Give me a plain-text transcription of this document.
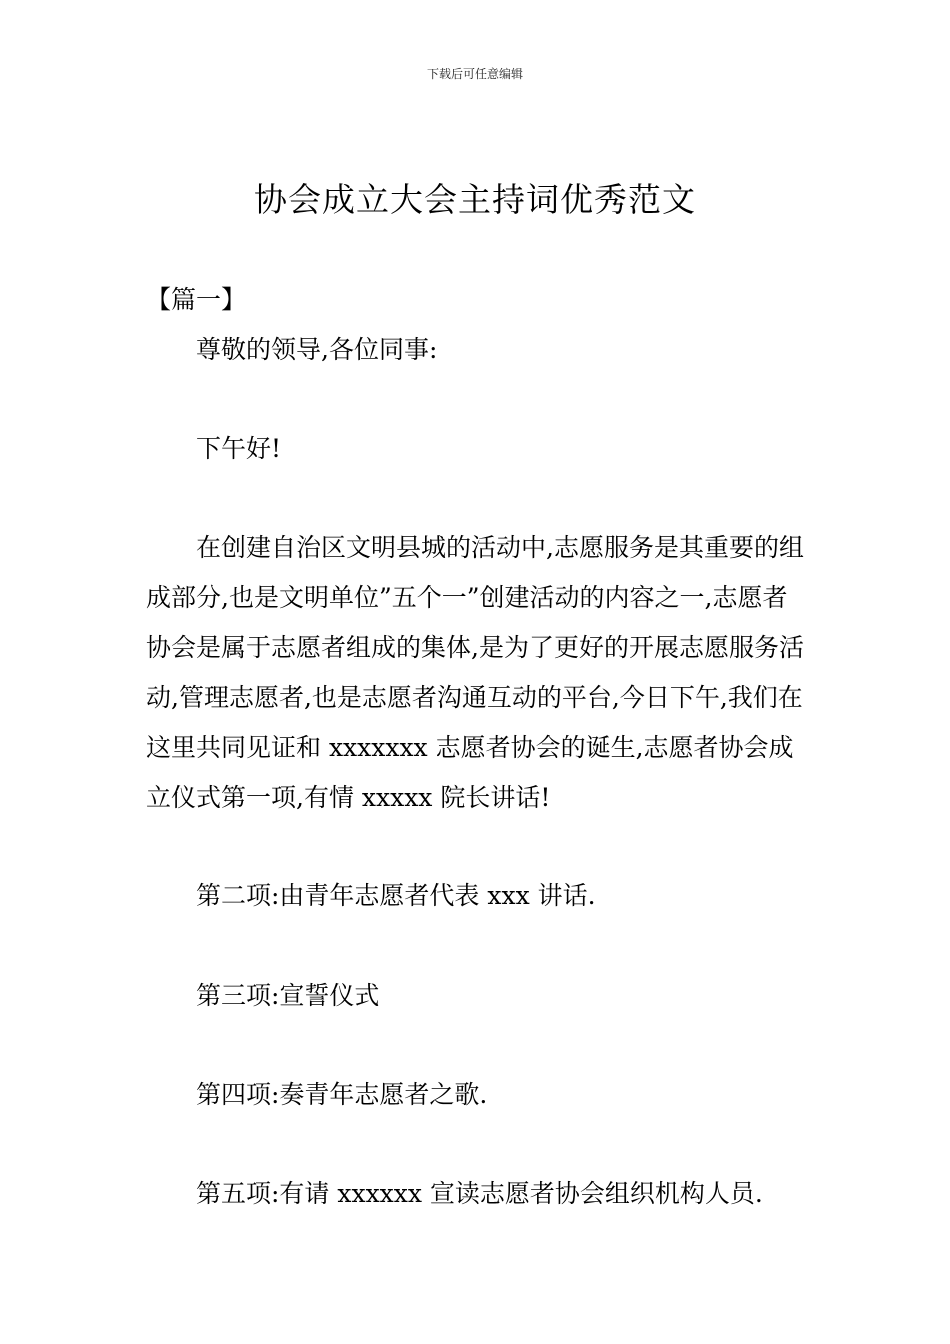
下载后可任意编辑
协会成立大会主持词优秀范文
【篇一】

尊敬的领导,各位同事:

下午好!

在创建自治区文明县城的活动中,志愿服务是其重要的组成部分,也是文明单位”五个一”创建活动的内容之一,志愿者协会是属于志愿者组成的集体,是为了更好的开展志愿服务活动,管理志愿者,也是志愿者沟通互动的平台,今日下午,我们在这里共同见证和 xxxxxxx 志愿者协会的诞生,志愿者协会成立仪式第一项,有情 xxxxx 院长讲话!

第二项:由青年志愿者代表 xxx 讲话.

第三项:宣誓仪式

第四项:奏青年志愿者之歌.

第五项:有请 xxxxxx 宣读志愿者协会组织机构人员.
